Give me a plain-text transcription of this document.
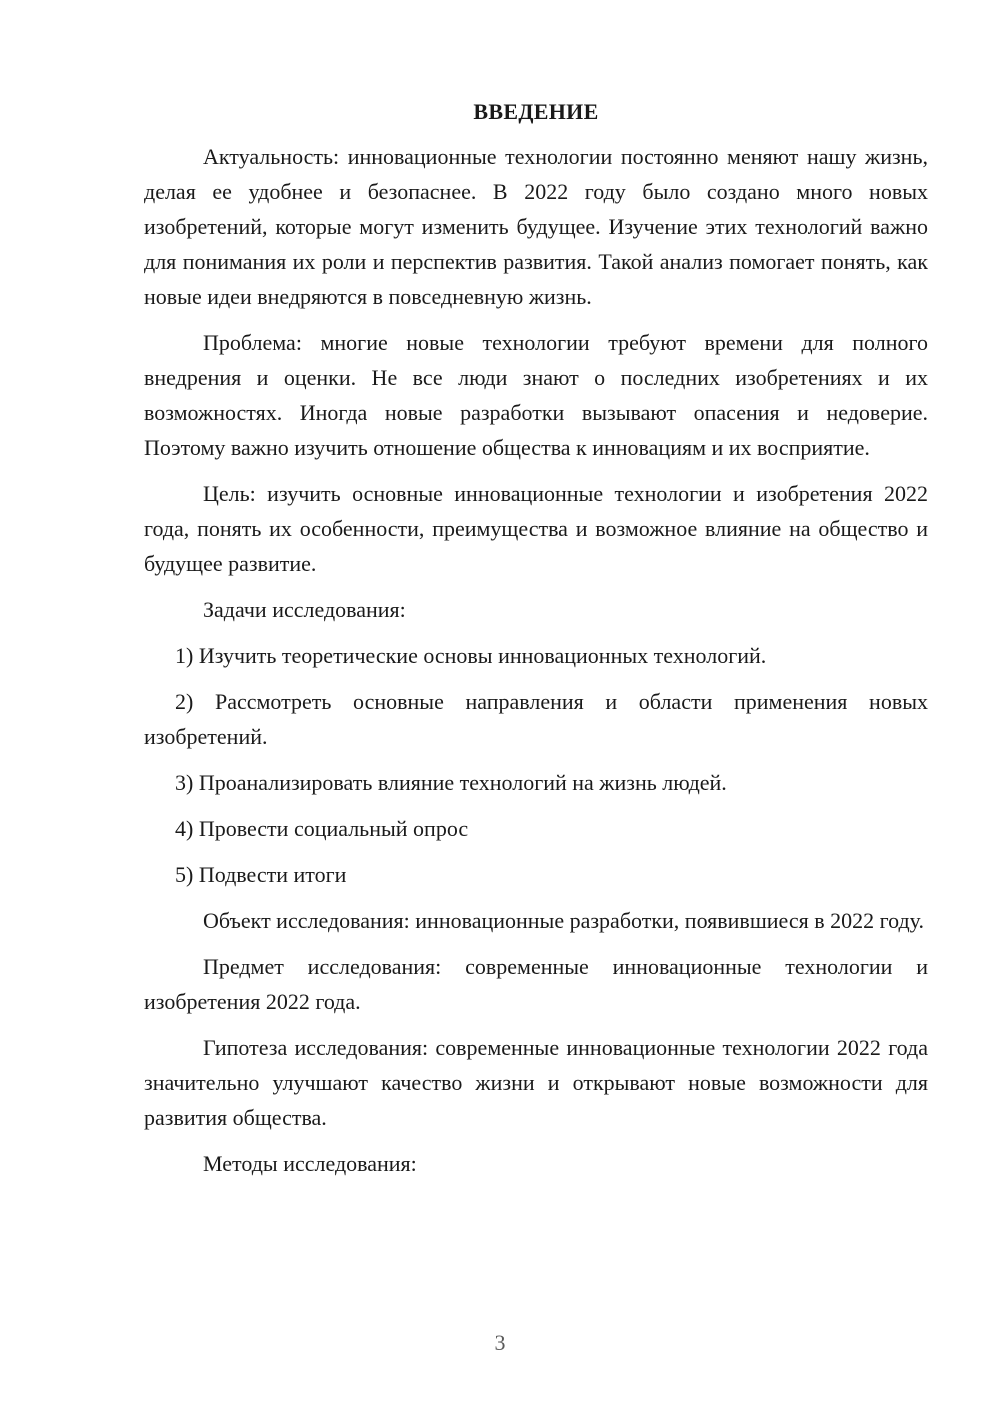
ВВЕДЕНИЕ

Актуальность: инновационные технологии постоянно меняют нашу жизнь, делая ее удобнее и безопаснее. В 2022 году было создано много новых изобретений, которые могут изменить будущее. Изучение этих технологий важно для понимания их роли и перспектив развития. Такой анализ помогает понять, как новые идеи внедряются в повседневную жизнь.

Проблема: многие новые технологии требуют времени для полного внедрения и оценки. Не все люди знают о последних изобретениях и их возможностях. Иногда новые разработки вызывают опасения и недоверие. Поэтому важно изучить отношение общества к инновациям и их восприятие.

Цель: изучить основные инновационные технологии и изобретения 2022 года, понять их особенности, преимущества и возможное влияние на общество и будущее развитие.

Задачи исследования:

1) Изучить теоретические основы инновационных технологий.

2) Рассмотреть основные направления и области применения новых изобретений.

3) Проанализировать влияние технологий на жизнь людей.

4) Провести социальный опрос

5) Подвести итоги

Объект исследования: инновационные разработки, появившиеся в 2022 году.

Предмет исследования: современные инновационные технологии и изобретения 2022 года.

Гипотеза исследования: современные инновационные технологии 2022 года значительно улучшают качество жизни и открывают новые возможности для развития общества.

Методы исследования:

3
